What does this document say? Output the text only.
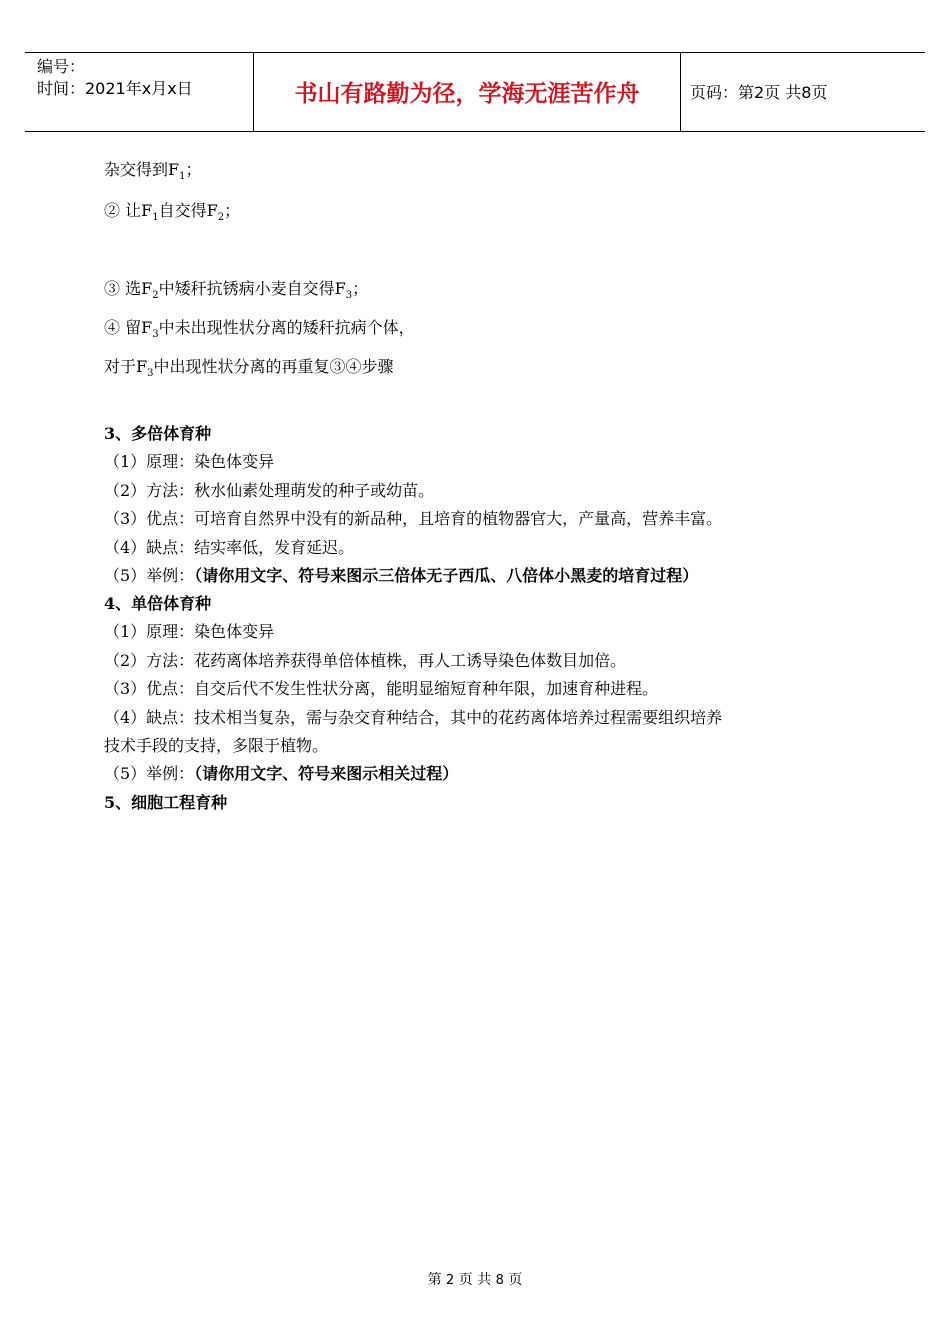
编号：
时间：2021年x月x日	书山有路勤为径，学海无涯苦作舟	页码：第2页 共8页
杂交得到$F_1$；
② 让$F_1$自交得$F_2$；
③ 选$F_2$中矮秆抗锈病小麦自交得$F_3$；
④ 留$F_3$中未出现性状分离的矮秆抗病个体，
对于$F_3$中出现性状分离的再重复③④步骤
3、多倍体育种
（1）原理：染色体变异
（2）方法：秋水仙素处理萌发的种子或幼苗。
（3）优点：可培育自然界中没有的新品种，且培育的植物器官大，产量高，营养丰富。
（4）缺点：结实率低，发育延迟。
（5）举例：（请你用文字、符号来图示三倍体无子西瓜、八倍体小黑麦的培育过程）
4、单倍体育种
（1）原理：染色体变异
（2）方法：花药离体培养获得单倍体植株，再人工诱导染色体数目加倍。
（3）优点：自交后代不发生性状分离，能明显缩短育种年限，加速育种进程。
（4）缺点：技术相当复杂，需与杂交育种结合，其中的花药离体培养过程需要组织培养
技术手段的支持，多限于植物。
（5）举例：（请你用文字、符号来图示相关过程）
5、细胞工程育种
第 2 页 共 8 页
